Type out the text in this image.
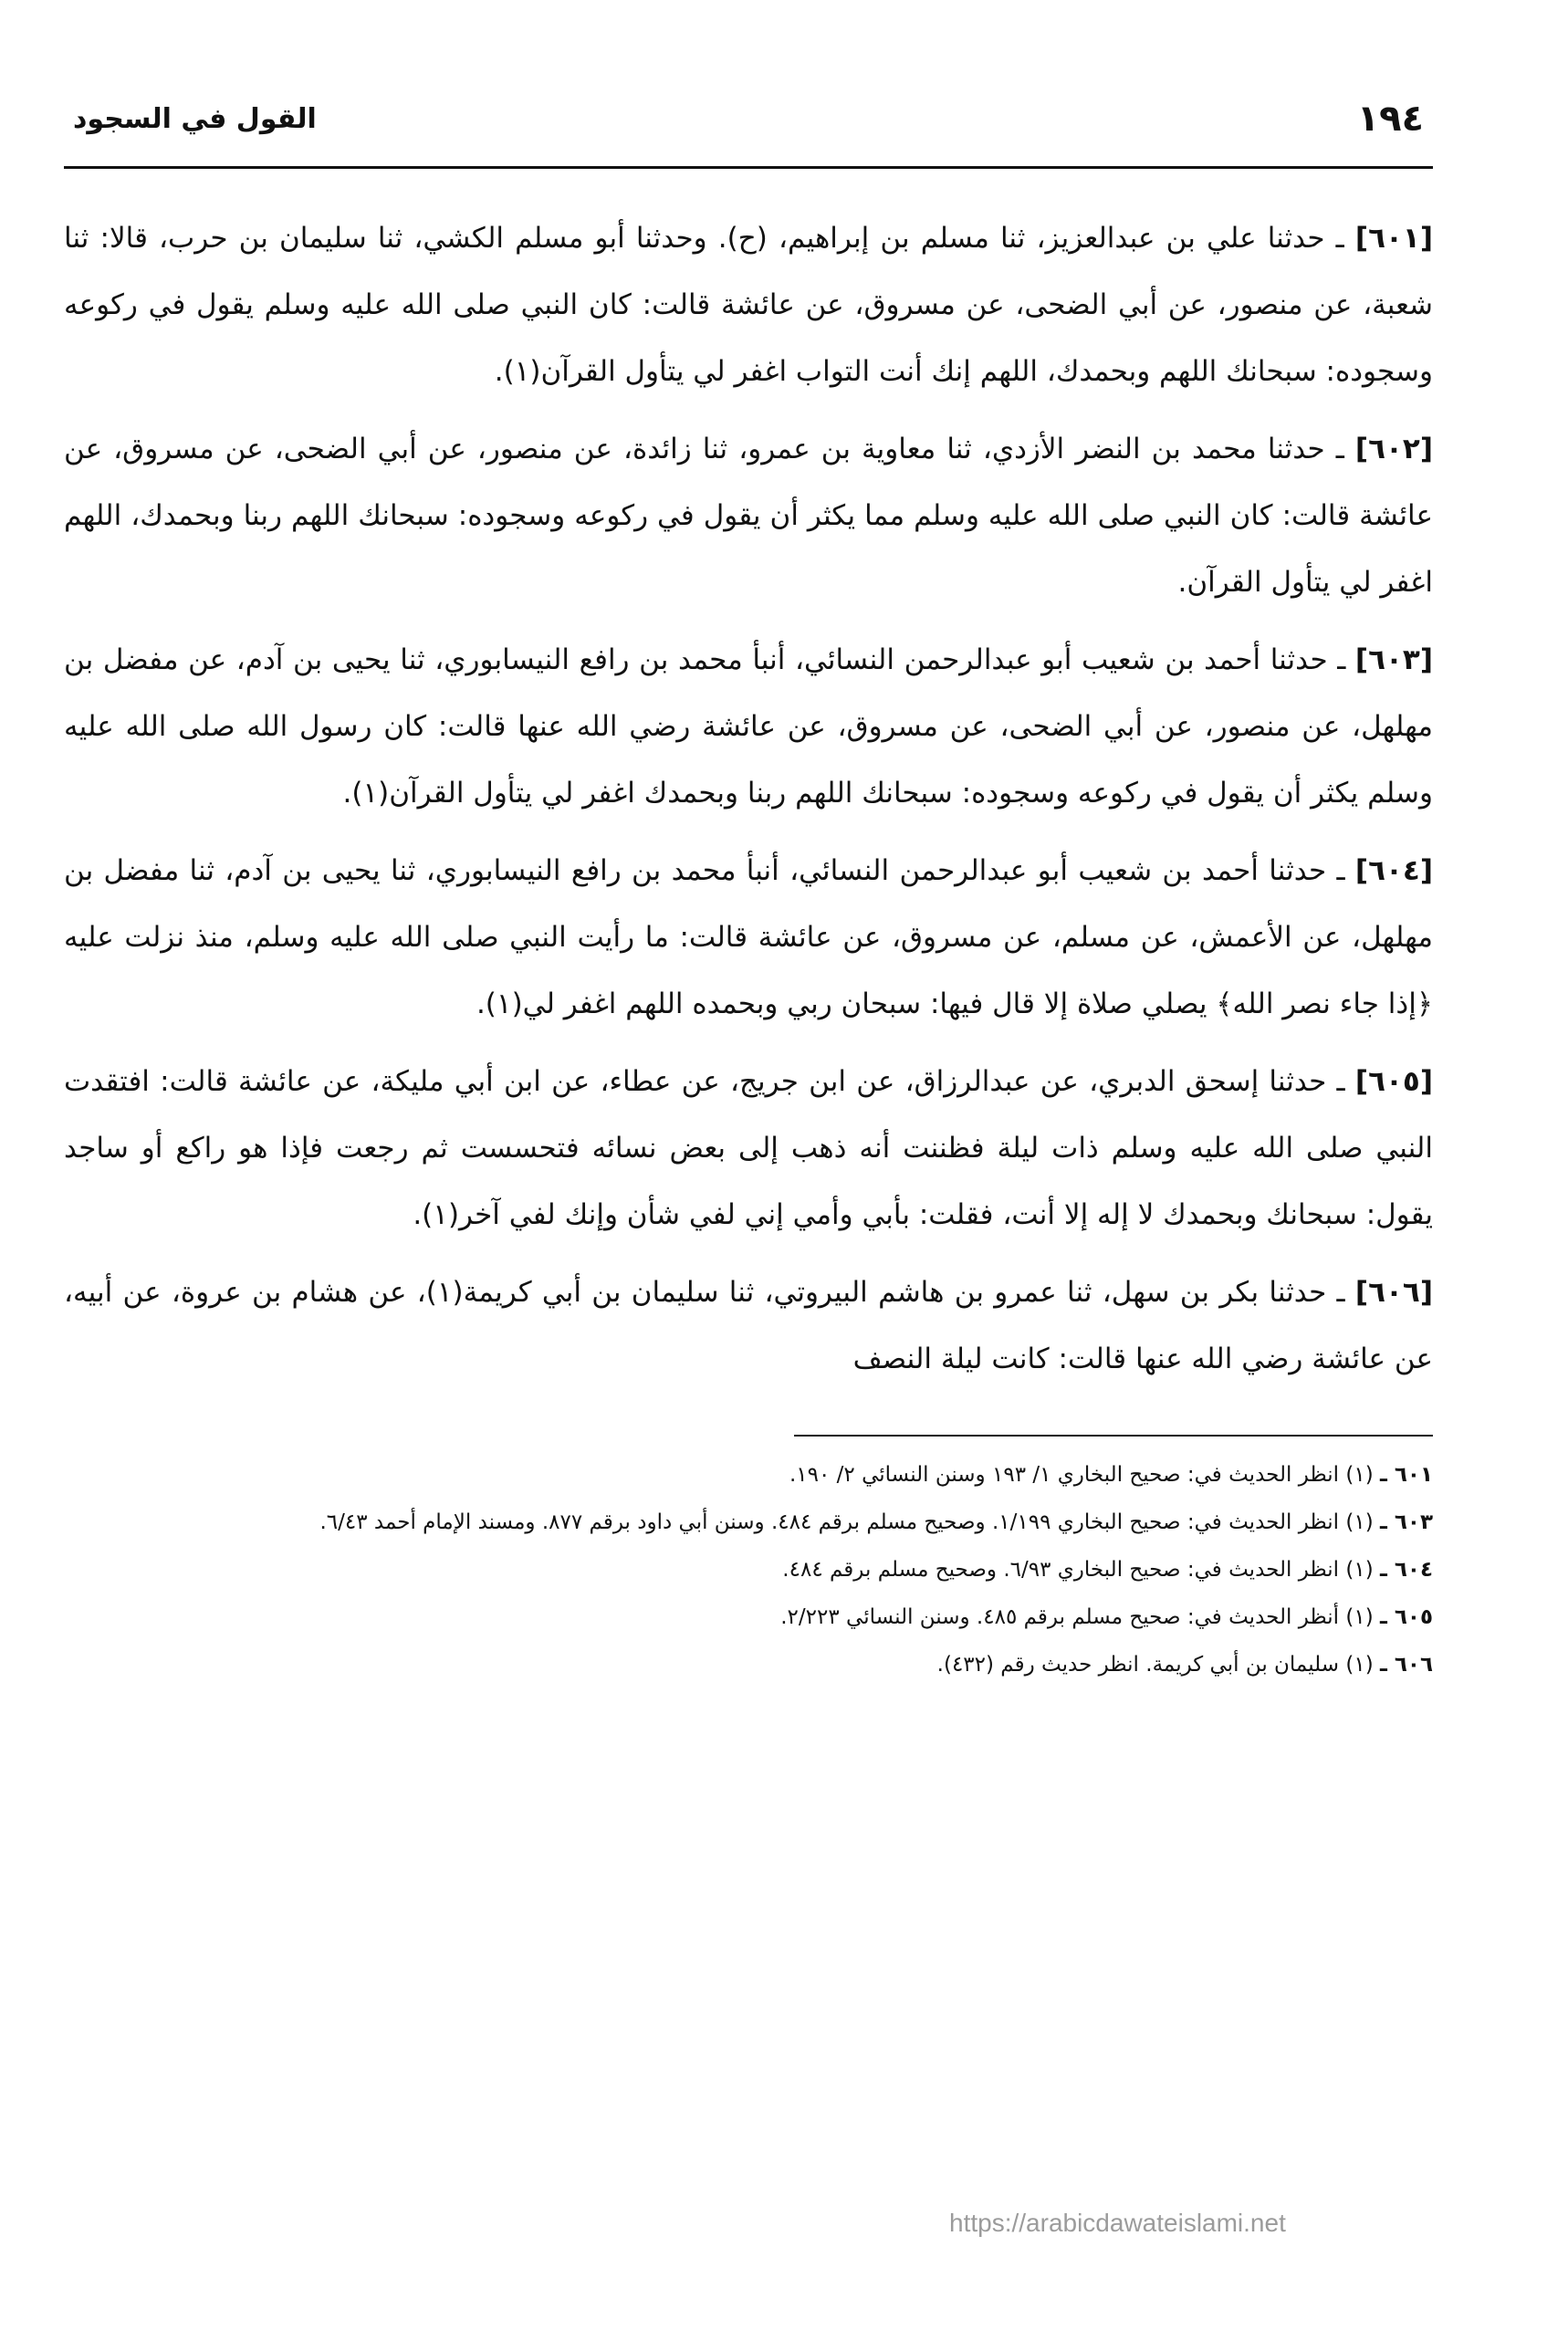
١٩٤
القول في السجود

[٦٠١] ـ حدثنا علي بن عبدالعزيز، ثنا مسلم بن إبراهيم، (ح). وحدثنا أبو مسلم الكشي، ثنا سليمان بن حرب، قالا: ثنا شعبة، عن منصور، عن أبي الضحى، عن مسروق، عن عائشة قالت: كان النبي صلى الله عليه وسلم يقول في ركوعه وسجوده: سبحانك اللهم وبحمدك، اللهم إنك أنت التواب اغفر لي يتأول القرآن(١).

[٦٠٢] ـ حدثنا محمد بن النضر الأزدي، ثنا معاوية بن عمرو، ثنا زائدة، عن منصور، عن أبي الضحى، عن مسروق، عن عائشة قالت: كان النبي صلى الله عليه وسلم مما يكثر أن يقول في ركوعه وسجوده: سبحانك اللهم ربنا وبحمدك، اللهم اغفر لي يتأول القرآن.

[٦٠٣] ـ حدثنا أحمد بن شعيب أبو عبدالرحمن النسائي، أنبأ محمد بن رافع النيسابوري، ثنا يحيى بن آدم، عن مفضل بن مهلهل، عن منصور، عن أبي الضحى، عن مسروق، عن عائشة رضي الله عنها قالت: كان رسول الله صلى الله عليه وسلم يكثر أن يقول في ركوعه وسجوده: سبحانك اللهم ربنا وبحمدك اغفر لي يتأول القرآن(١).

[٦٠٤] ـ حدثنا أحمد بن شعيب أبو عبدالرحمن النسائي، أنبأ محمد بن رافع النيسابوري، ثنا يحيى بن آدم، ثنا مفضل بن مهلهل، عن الأعمش، عن مسلم، عن مسروق، عن عائشة قالت: ما رأيت النبي صلى الله عليه وسلم، منذ نزلت عليه ﴿إذا جاء نصر الله﴾ يصلي صلاة إلا قال فيها: سبحان ربي وبحمده اللهم اغفر لي(١).

[٦٠٥] ـ حدثنا إسحق الدبري، عن عبدالرزاق، عن ابن جريج، عن عطاء، عن ابن أبي مليكة، عن عائشة قالت: افتقدت النبي صلى الله عليه وسلم ذات ليلة فظننت أنه ذهب إلى بعض نسائه فتحسست ثم رجعت فإذا هو راكع أو ساجد يقول: سبحانك وبحمدك لا إله إلا أنت، فقلت: بأبي وأمي إني لفي شأن وإنك لفي آخر(١).

[٦٠٦] ـ حدثنا بكر بن سهل، ثنا عمرو بن هاشم البيروتي، ثنا سليمان بن أبي كريمة(١)، عن هشام بن عروة، عن أبيه، عن عائشة رضي الله عنها قالت: كانت ليلة النصف

٦٠١ ـ (١) انظر الحديث في: صحيح البخاري ١/ ١٩٣ وسنن النسائي ٢/ ١٩٠.

٦٠٣ ـ (١) انظر الحديث في: صحيح البخاري ١/١٩٩. وصحيح مسلم برقم ٤٨٤. وسنن أبي داود برقم ٨٧٧. ومسند الإمام أحمد ٦/٤٣.

٦٠٤ ـ (١) انظر الحديث في: صحيح البخاري ٦/٩٣. وصحيح مسلم برقم ٤٨٤.

٦٠٥ ـ (١) أنظر الحديث في: صحيح مسلم برقم ٤٨٥. وسنن النسائي ٢/٢٢٣.

٦٠٦ ـ (١) سليمان بن أبي كريمة. انظر حديث رقم (٤٣٢).

https://arabicdawateislami.net
